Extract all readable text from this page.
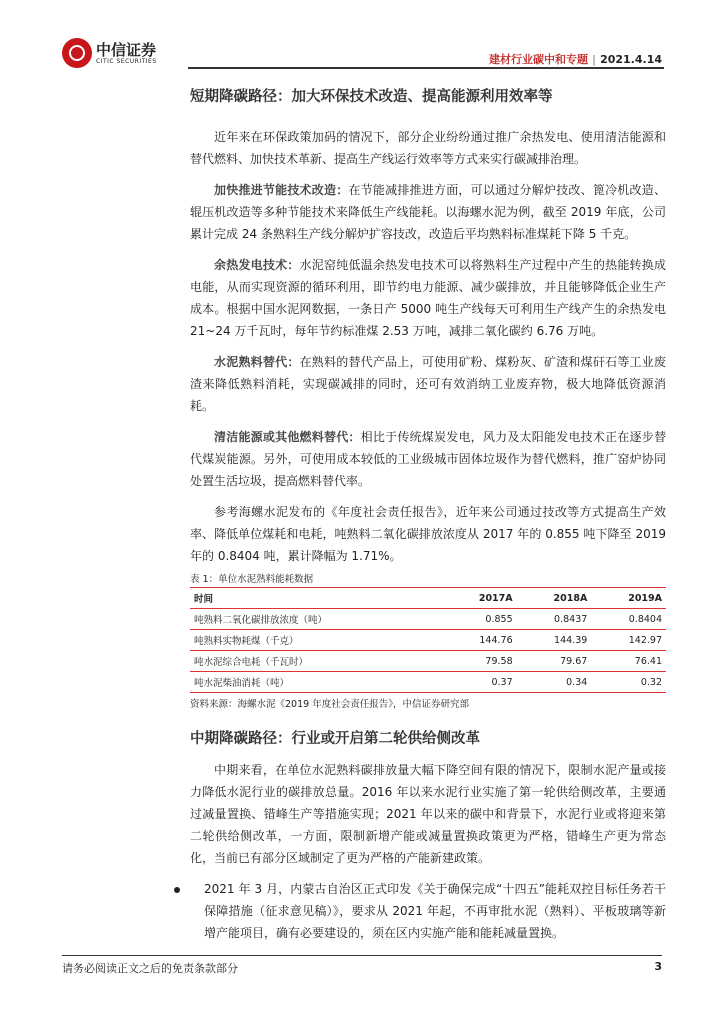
中信证券
CITIC SECURITIES	建材行业碳中和专题 | 2021.4.14
短期降碳路径：加大环保技术改造、提高能源利用效率等

近年来在环保政策加码的情况下，部分企业纷纷通过推广余热发电、使用清洁能源和替代燃料、加快技术革新、提高生产线运行效率等方式来实行碳减排治理。

加快推进节能技术改造：在节能减排推进方面，可以通过分解炉技改、篦冷机改造、辊压机改造等多种节能技术来降低生产线能耗。以海螺水泥为例，截至 2019 年底，公司累计完成 24 条熟料生产线分解炉扩容技改，改造后平均熟料标准煤耗下降 5 千克。

余热发电技术：水泥窑纯低温余热发电技术可以将熟料生产过程中产生的热能转换成电能，从而实现资源的循环利用，即节约电力能源、减少碳排放，并且能够降低企业生产成本。根据中国水泥网数据，一条日产 5000 吨生产线每天可利用生产线产生的余热发电21~24 万千瓦时，每年节约标准煤 2.53 万吨，减排二氧化碳约 6.76 万吨。

水泥熟料替代：在熟料的替代产品上，可使用矿粉、煤粉灰、矿渣和煤矸石等工业废渣来降低熟料消耗，实现碳减排的同时，还可有效消纳工业废弃物，极大地降低资源消耗。

清洁能源或其他燃料替代：相比于传统煤炭发电，风力及太阳能发电技术正在逐步替代煤炭能源。另外，可使用成本较低的工业级城市固体垃圾作为替代燃料，推广窑炉协同处置生活垃圾，提高燃料替代率。

参考海螺水泥发布的《年度社会责任报告》，近年来公司通过技改等方式提高生产效率、降低单位煤耗和电耗，吨熟料二氧化碳排放浓度从 2017 年的 0.855 吨下降至 2019 年的 0.8404 吨，累计降幅为 1.71%。

表 1：单位水泥熟料能耗数据
时间	2017A	2018A	2019A
吨熟料二氧化碳排放浓度（吨）	0.855	0.8437	0.8404
吨熟料实物耗煤（千克）	144.76	144.39	142.97
吨水泥综合电耗（千瓦时）	79.58	79.67	76.41
吨水泥柴油消耗（吨）	0.37	0.34	0.32
资料来源：海螺水泥《2019 年度社会责任报告》，中信证券研究部
中期降碳路径：行业或开启第二轮供给侧改革

中期来看，在单位水泥熟料碳排放量大幅下降空间有限的情况下，限制水泥产量或接力降低水泥行业的碳排放总量。2016 年以来水泥行业实施了第一轮供给侧改革，主要通过减量置换、错峰生产等措施实现；2021 年以来的碳中和背景下，水泥行业或将迎来第二轮供给侧改革，一方面，限制新增产能或减量置换政策更为严格，错峰生产更为常态化，当前已有部分区域制定了更为严格的产能新建政策。

2021 年 3 月，内蒙古自治区正式印发《关于确保完成“十四五”能耗双控目标任务若干保障措施（征求意见稿）》，要求从 2021 年起，不再审批水泥（熟料）、平板玻璃等新增产能项目，确有必要建设的，须在区内实施产能和能耗减量置换。
请务必阅读正文之后的免责条款部分	3
